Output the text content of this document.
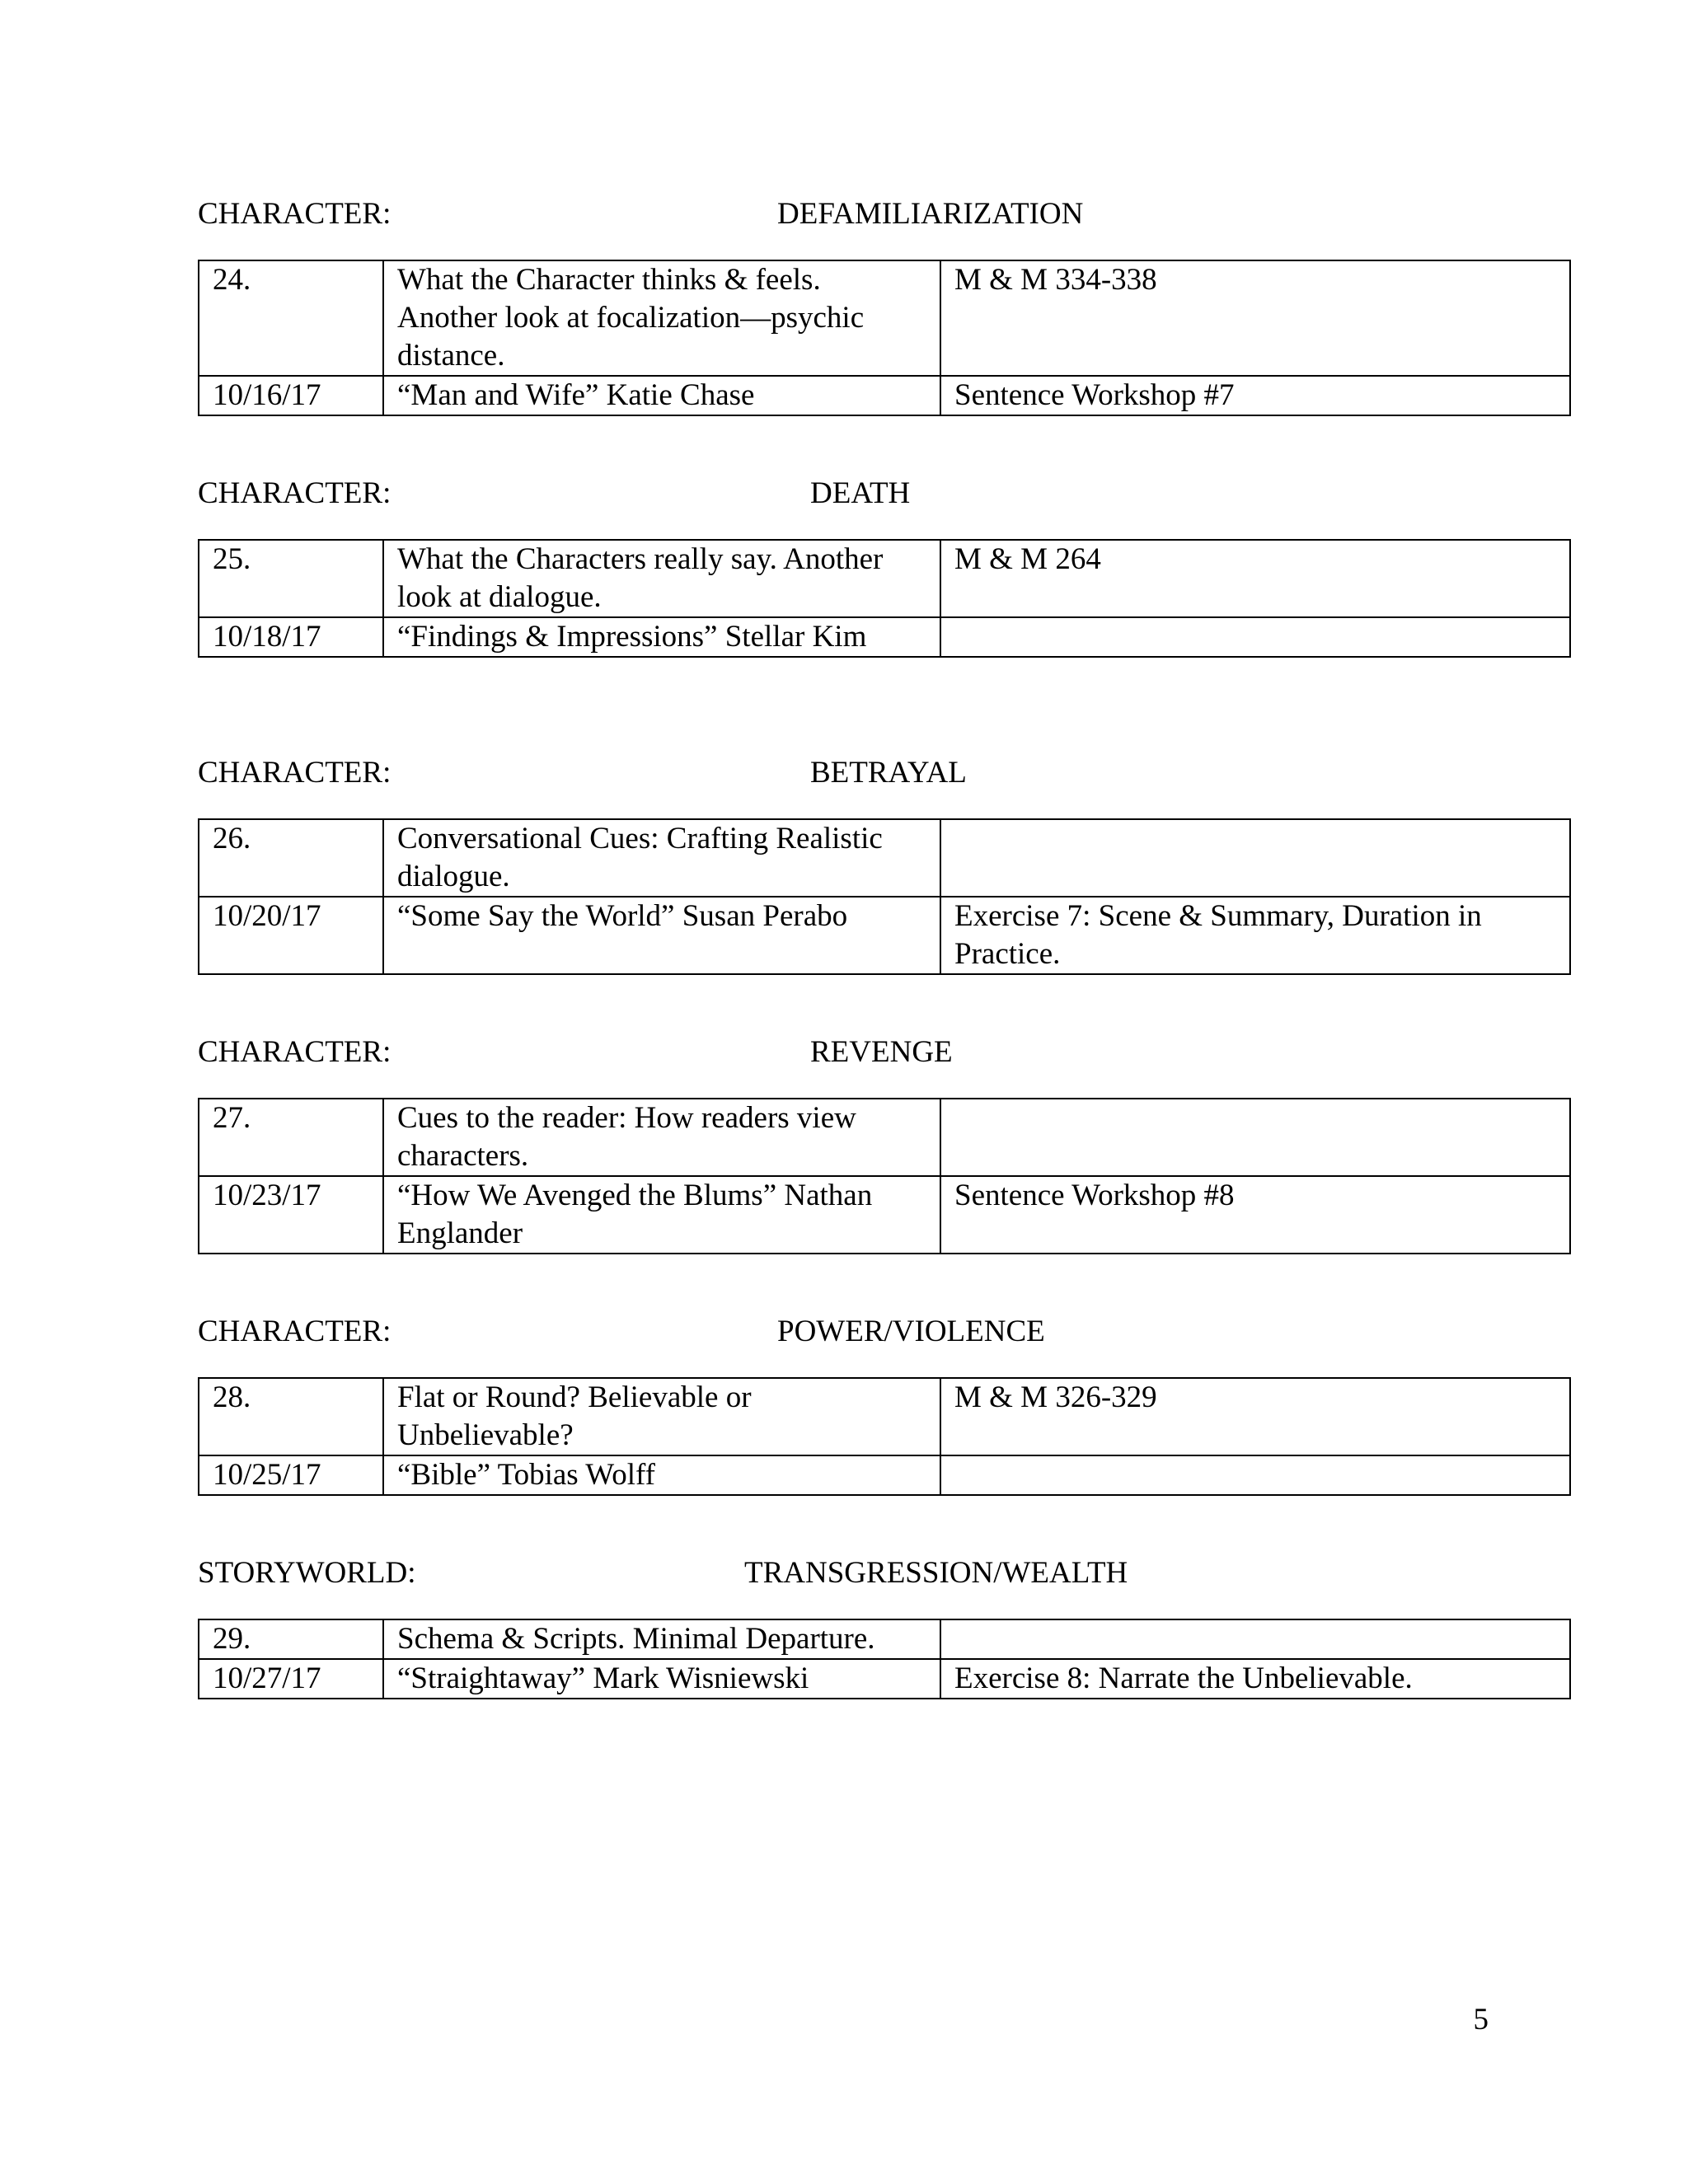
CHARACTER:	DEFAMILIARIZATION
24.	What the Character thinks & feels. Another look at focalization—psychic distance.	M & M 334-338
10/16/17	“Man and Wife” Katie Chase	Sentence Workshop #7
CHARACTER:	DEATH
25.	What the Characters really say. Another look at dialogue.	M & M 264
10/18/17	“Findings & Impressions” Stellar Kim	
CHARACTER:	BETRAYAL
26.	Conversational Cues: Crafting Realistic dialogue.	
10/20/17	“Some Say the World” Susan Perabo	Exercise 7: Scene & Summary, Duration in Practice.
CHARACTER:	REVENGE
27.	Cues to the reader: How readers view characters.	
10/23/17	“How We Avenged the Blums” Nathan Englander	Sentence Workshop #8
CHARACTER:	POWER/VIOLENCE
28.	Flat or Round? Believable or Unbelievable?	M & M 326-329
10/25/17	“Bible” Tobias Wolff	
STORYWORLD:	TRANSGRESSION/WEALTH
29.	Schema & Scripts. Minimal Departure.	
10/27/17	“Straightaway” Mark Wisniewski	Exercise 8: Narrate the Unbelievable.
5
